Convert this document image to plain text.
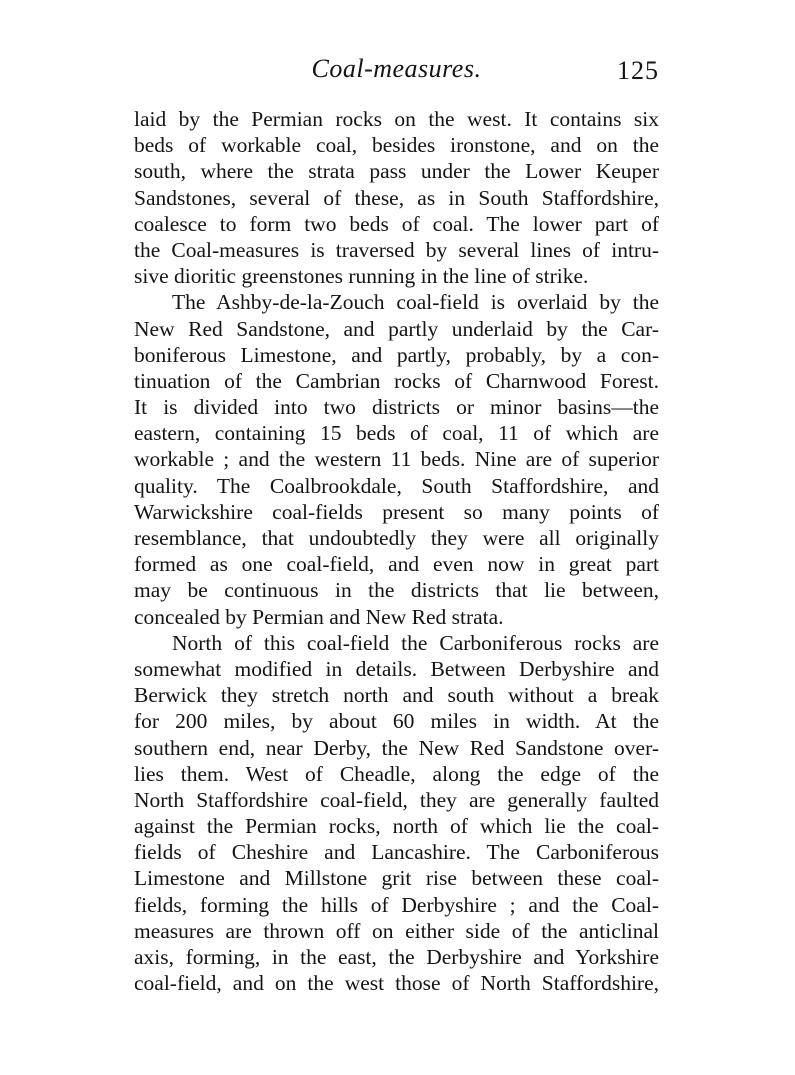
Coal-measures.	125
laid by the Permian rocks on the west. It contains six
beds of workable coal, besides ironstone, and on the
south, where the strata pass under the Lower Keuper
Sandstones, several of these, as in South Staffordshire,
coalesce to form two beds of coal. The lower part of
the Coal-measures is traversed by several lines of intru-
sive dioritic greenstones running in the line of strike.
The Ashby-de-la-Zouch coal-field is overlaid by the
New Red Sandstone, and partly underlaid by the Car-
boniferous Limestone, and partly, probably, by a con-
tinuation of the Cambrian rocks of Charnwood Forest.
It is divided into two districts or minor basins—the
eastern, containing 15 beds of coal, 11 of which are
workable ; and the western 11 beds. Nine are of superior
quality. The Coalbrookdale, South Staffordshire, and
Warwickshire coal-fields present so many points of
resemblance, that undoubtedly they were all originally
formed as one coal-field, and even now in great part
may be continuous in the districts that lie between,
concealed by Permian and New Red strata.
North of this coal-field the Carboniferous rocks are
somewhat modified in details. Between Derbyshire and
Berwick they stretch north and south without a break
for 200 miles, by about 60 miles in width. At the
southern end, near Derby, the New Red Sandstone over-
lies them. West of Cheadle, along the edge of the
North Staffordshire coal-field, they are generally faulted
against the Permian rocks, north of which lie the coal-
fields of Cheshire and Lancashire. The Carboniferous
Limestone and Millstone grit rise between these coal-
fields, forming the hills of Derbyshire ; and the Coal-
measures are thrown off on either side of the anticlinal
axis, forming, in the east, the Derbyshire and Yorkshire
coal-field, and on the west those of North Staffordshire,
